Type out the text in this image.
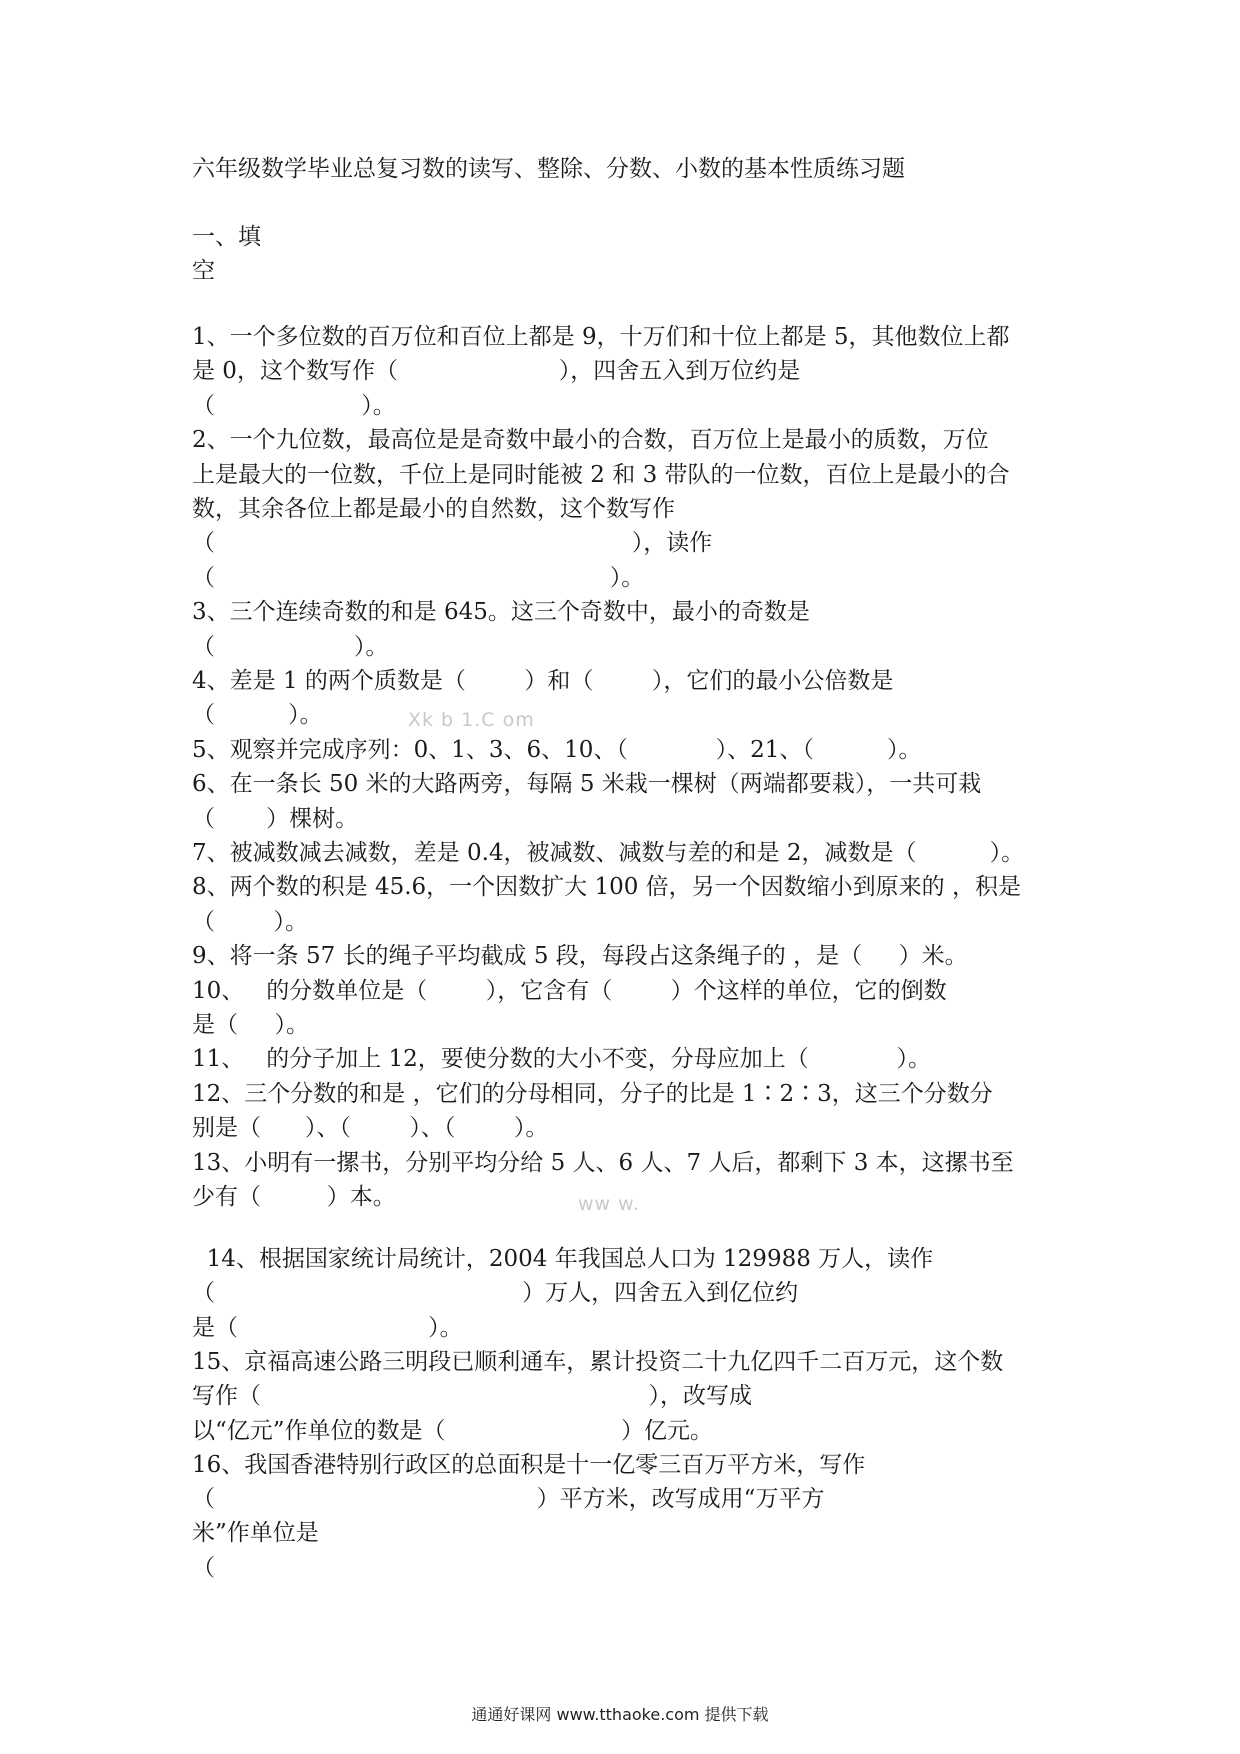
六年级数学毕业总复习数的读写、整除、分数、小数的基本性质练习题
一、填
空
1、一个多位数的百万位和百位上都是 9，十万们和十位上都是 5，其他数位上都
是 0，这个数写作（                      ），四舍五入到万位约是
（                    ）。
2、一个九位数，最高位是是奇数中最小的合数，百万位上是最小的质数，万位
上是最大的一位数，千位上是同时能被 2 和 3 带队的一位数，百位上是最小的合
数，其余各位上都是最小的自然数，这个数写作
（                                                         ），读作
（                                                      ）。
3、三个连续奇数的和是 645。这三个奇数中，最小的奇数是
（                   ）。
4、差是 1 的两个质数是（        ）和（        ），它们的最小公倍数是
（          ）。
5、观察并完成序列：0、1、3、6、10、（            ）、21、（          ）。
6、在一条长 50 米的大路两旁，每隔 5 米栽一棵树（两端都要栽），一共可栽
（       ）棵树。
7、被减数减去减数，差是 0.4，被减数、减数与差的和是 2，减数是（          ）。
8、两个数的积是 45.6，一个因数扩大 100 倍，另一个因数缩小到原来的 ，积是
（        ）。
9、将一条 57 长的绳子平均截成 5 段，每段占这条绳子的 ，是（     ）米。
10、   的分数单位是（        ），它含有（        ）个这样的单位，它的倒数
是（     ）。
11、   的分子加上 12，要使分数的大小不变，分母应加上（            ）。
12、三个分数的和是 ，它们的分母相同，分子的比是 1∶2∶3，这三个分数分
别是（      ）、（        ）、（        ）。
13、小明有一摞书，分别平均分给 5 人、6 人、7 人后，都剩下 3 本，这摞书至
少有（         ）本。
14、根据国家统计局统计，2004 年我国总人口为 129988 万人，读作
（                                          ）万人，四舍五入到亿位约
是（                          ）。
15、京福高速公路三明段已顺利通车，累计投资二十九亿四千二百万元，这个数
写作（                                                     ），改写成
以“亿元”作单位的数是（                        ）亿元。
16、我国香港特别行政区的总面积是十一亿零三百万平方米，写作
（                                            ）平方米，改写成用“万平方
米”作单位是
（
Xk b 1.C om
ww w.
通通好课网 www.tthaoke.com 提供下载
